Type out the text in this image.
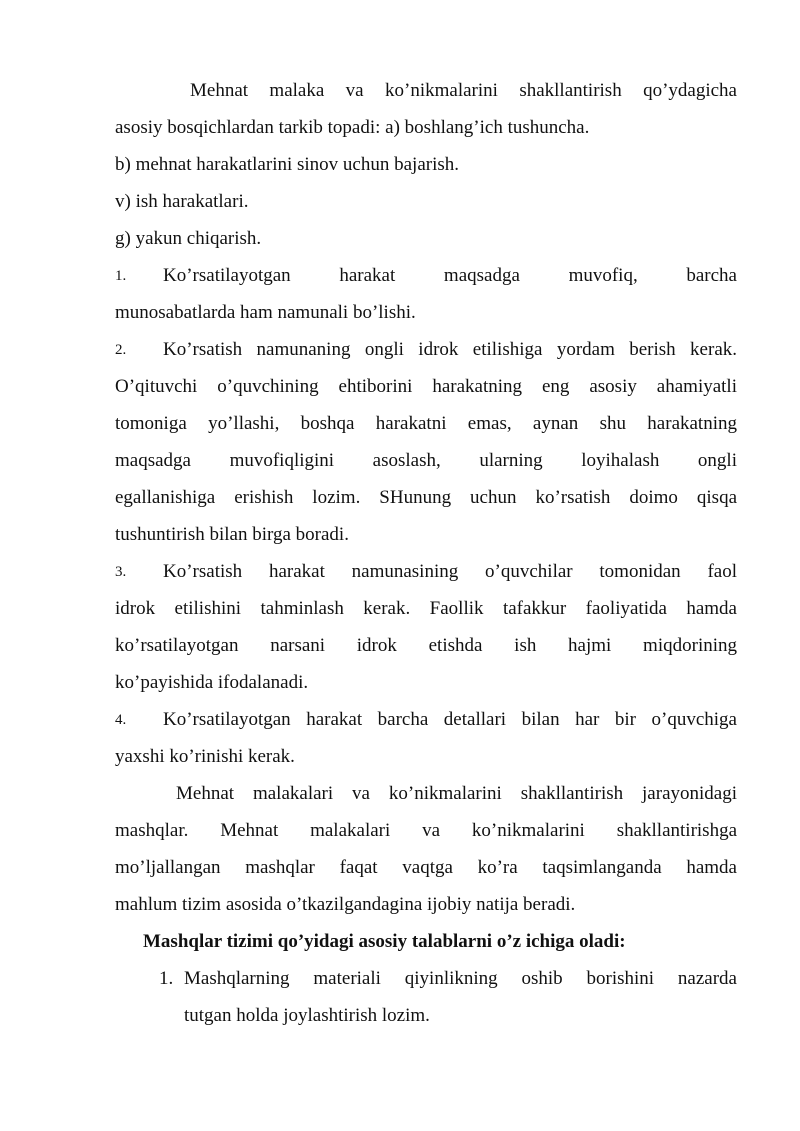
Mehnat malaka va ko’nikmalarini shakllantirish qo’ydagicha
asosiy bosqichlardan tarkib topadi: a) boshlang’ich tushuncha.
b) mehnat harakatlarini sinov uchun bajarish.
v) ish harakatlari.
g) yakun chiqarish.
1. Ko’rsatilayotgan harakat maqsadga muvofiq, barcha
munosabatlarda ham namunali bo’lishi.
2. Ko’rsatish namunaning ongli idrok etilishiga yordam berish kerak.
O’qituvchi o’quvchining ehtiborini harakatning eng asosiy ahamiyatli
tomoniga yo’llashi, boshqa harakatni emas, aynan shu harakatning
maqsadga muvofiqligini asoslash, ularning loyihalash ongli
egallanishiga erishish lozim. SHunung uchun ko’rsatish doimo qisqa
tushuntirish bilan birga boradi.
3. Ko’rsatish harakat namunasining o’quvchilar tomonidan faol
idrok etilishini tahminlash kerak. Faollik tafakkur faoliyatida hamda
ko’rsatilayotgan narsani idrok etishda ish hajmi miqdorining
ko’payishida ifodalanadi.
4. Ko’rsatilayotgan harakat barcha detallari bilan har bir o’quvchiga
yaxshi ko’rinishi kerak.
Mehnat malakalari va ko’nikmalarini shakllantirish jarayonidagi
mashqlar. Mehnat malakalari va ko’nikmalarini shakllantirishga
mo’ljallangan mashqlar faqat vaqtga ko’ra taqsimlanganda hamda
mahlum tizim asosida o’tkazilgandagina ijobiy natija beradi.
Mashqlar tizimi qo’yidagi asosiy talablarni o’z ichiga oladi:
1. Mashqlarning materiali qiyinlikning oshib borishini nazarda
tutgan holda joylashtirish lozim.
